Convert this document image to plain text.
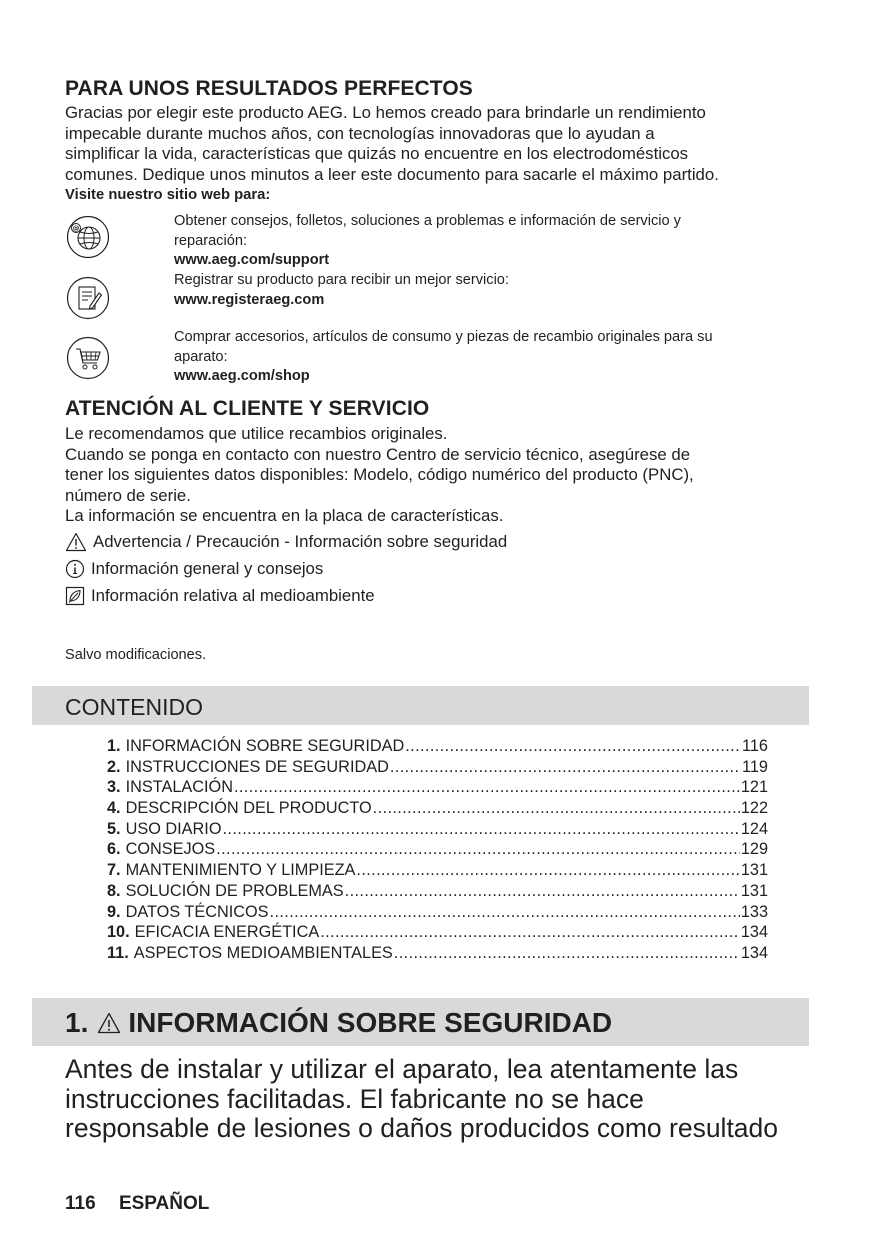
PARA UNOS RESULTADOS PERFECTOS
Gracias por elegir este producto AEG. Lo hemos creado para brindarle un rendimiento
impecable durante muchos años, con tecnologías innovadoras que lo ayudan a
simplificar la vida, características que quizás no encuentre en los electrodomésticos
comunes. Dedique unos minutos a leer este documento para sacarle el máximo partido.
Visite nuestro sitio web para:
@	Obtener consejos, folletos, soluciones a problemas e información de servicio y
reparación:
www.aeg.com/support
Registrar su producto para recibir un mejor servicio:
www.registeraeg.com
Comprar accesorios, artículos de consumo y piezas de recambio originales para su
aparato:
www.aeg.com/shop
ATENCIÓN AL CLIENTE Y SERVICIO
Le recomendamos que utilice recambios originales.
Cuando se ponga en contacto con nuestro Centro de servicio técnico, asegúrese de
tener los siguientes datos disponibles: Modelo, código numérico del producto (PNC),
número de serie.
La información se encuentra en la placa de características.
Advertencia / Precaución - Información sobre seguridad
Información general y consejos
Información relativa al medioambiente
Salvo modificaciones.
CONTENIDO
1. INFORMACIÓN SOBRE SEGURIDAD .....	116
2. INSTRUCCIONES DE SEGURIDAD .....	119
3. INSTALACIÓN .....	121
4. DESCRIPCIÓN DEL PRODUCTO .....	122
5. USO DIARIO .....	124
6. CONSEJOS .....	129
7. MANTENIMIENTO Y LIMPIEZA .....	131
8. SOLUCIÓN DE PROBLEMAS .....	131
9. DATOS TÉCNICOS .....	133
10. EFICACIA ENERGÉTICA .....	134
11. ASPECTOS MEDIOAMBIENTALES .....	134
1. INFORMACIÓN SOBRE SEGURIDAD
Antes de instalar y utilizar el aparato, lea atentamente las
instrucciones facilitadas. El fabricante no se hace
responsable de lesiones o daños producidos como resultado
116 ESPAÑOL
